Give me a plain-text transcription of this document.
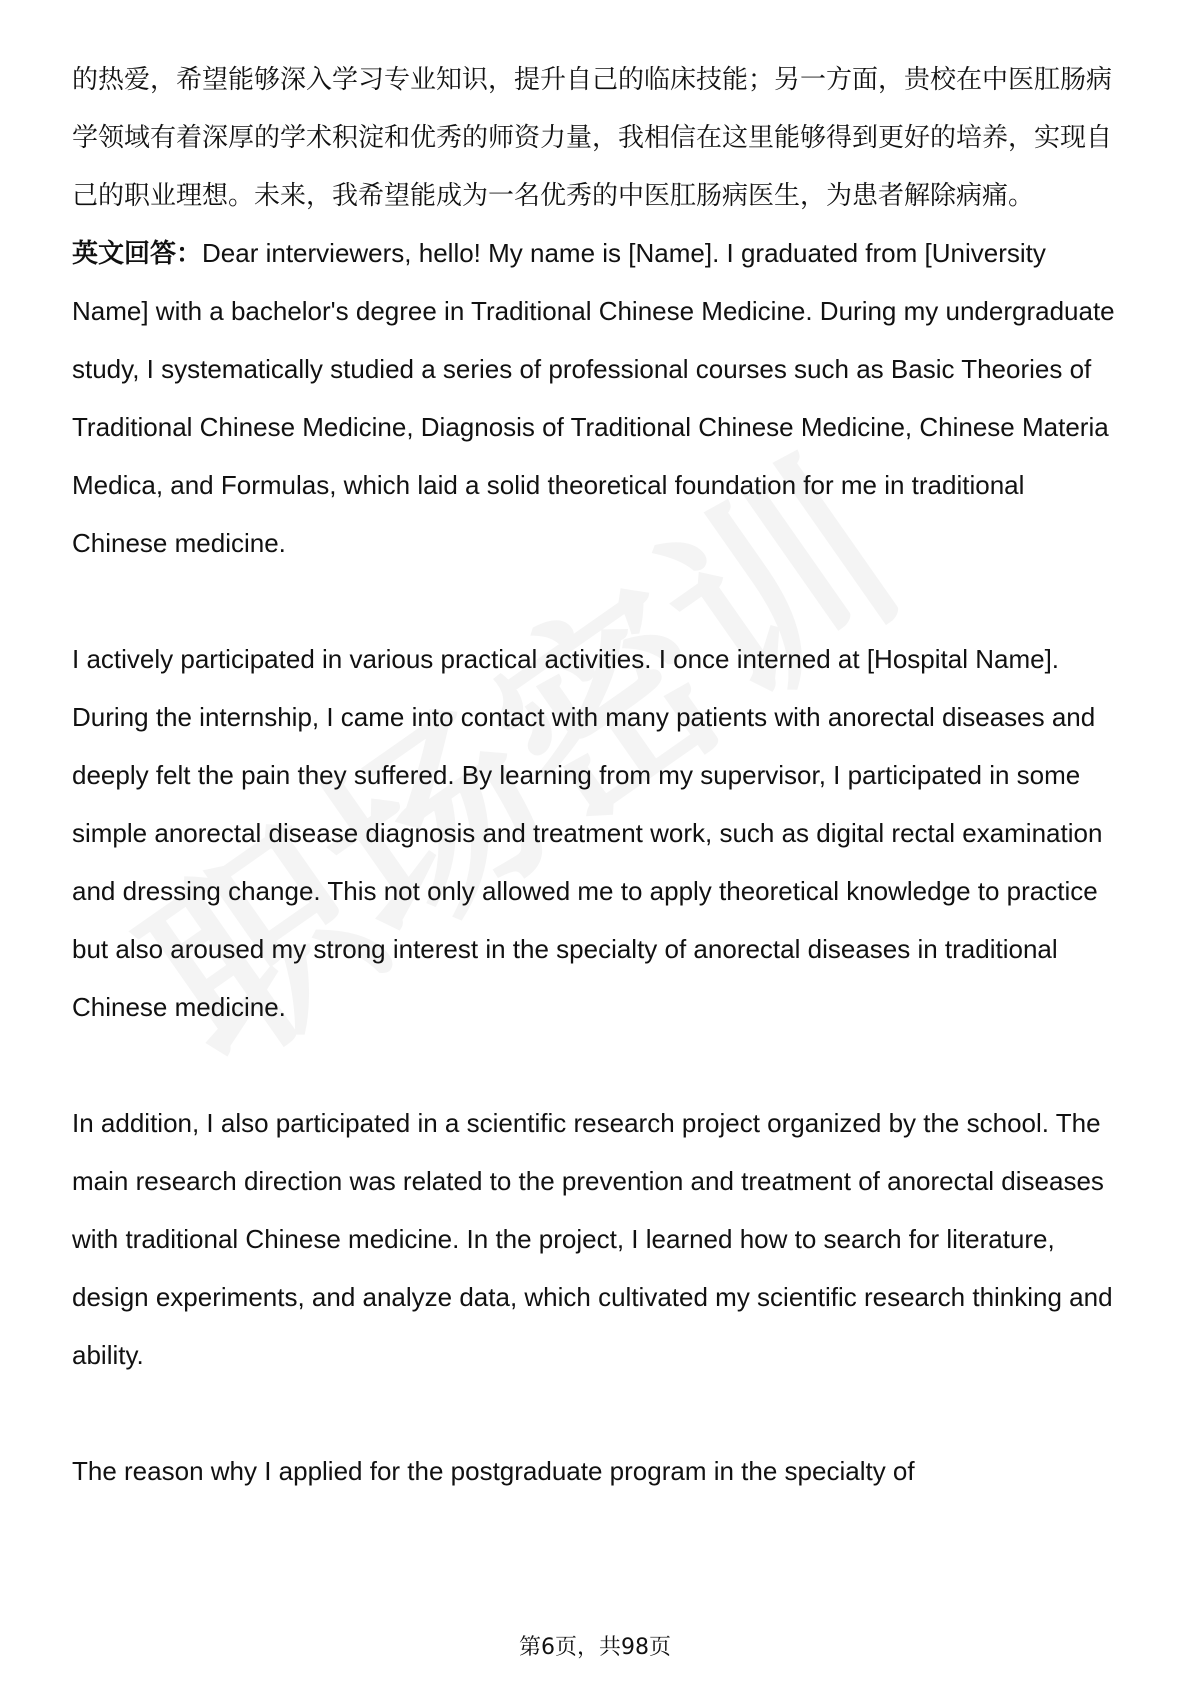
的热爱，希望能够深入学习专业知识，提升自己的临床技能；另一方面，贵校在中医肛肠病学领域有着深厚的学术积淀和优秀的师资力量，我相信在这里能够得到更好的培养，实现自己的职业理想。未来，我希望能成为一名优秀的中医肛肠病医生，为患者解除病痛。

英文回答：Dear interviewers, hello! My name is [Name]. I graduated from [University Name] with a bachelor's degree in Traditional Chinese Medicine. During my undergraduate study, I systematically studied a series of professional courses such as Basic Theories of Traditional Chinese Medicine, Diagnosis of Traditional Chinese Medicine, Chinese Materia Medica, and Formulas, which laid a solid theoretical foundation for me in traditional Chinese medicine.

I actively participated in various practical activities. I once interned at [Hospital Name]. During the internship, I came into contact with many patients with anorectal diseases and deeply felt the pain they suffered. By learning from my supervisor, I participated in some simple anorectal disease diagnosis and treatment work, such as digital rectal examination and dressing change. This not only allowed me to apply theoretical knowledge to practice but also aroused my strong interest in the specialty of anorectal diseases in traditional Chinese medicine.

In addition, I also participated in a scientific research project organized by the school. The main research direction was related to the prevention and treatment of anorectal diseases with traditional Chinese medicine. In the project, I learned how to search for literature, design experiments, and analyze data, which cultivated my scientific research thinking and ability.

The reason why I applied for the postgraduate program in the specialty of

第6页，共98页
